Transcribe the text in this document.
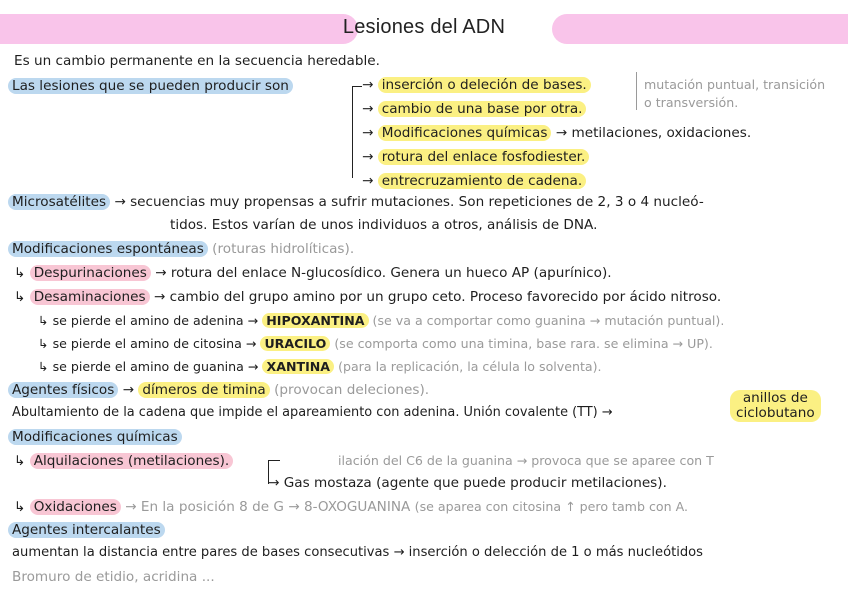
Lesiones del ADN
Es un cambio permanente en la secuencia heredable.
Las lesiones que se pueden producir son	→ inserción o deleción de bases.
→ cambio de una base por otra.
→ Modificaciones químicas → metilaciones, oxidaciones.
→ rotura del enlace fosfodiester.
→ entrecruzamiento de cadena.
mutación puntual, transición
o transversión.
Microsatélites → secuencias muy propensas a sufrir mutaciones. Son repeticiones de 2, 3 o 4 nucleó-
tidos. Estos varían de unos individuos a otros, análisis de DNA.
Modificaciones espontáneas (roturas hidrolíticas).
↳ Despurinaciones → rotura del enlace N-glucosídico. Genera un hueco AP (apurínico).
↳ Desaminaciones → cambio del grupo amino por un grupo ceto. Proceso favorecido por ácido nitroso.
↳ se pierde el amino de adenina → HIPOXANTINA (se va a comportar como guanina → mutación puntual).
↳ se pierde el amino de citosina → URACILO (se comporta como una timina, base rara. se elimina → UP).
↳ se pierde el amino de guanina → XANTINA (para la replicación, la célula lo solventa).
Agentes físicos → dímeros de timina (provocan deleciones).
Abultamiento de la cadena que impide el apareamiento con adenina. Unión covalente (TT) →
anillos de
ciclobutano
Modificaciones químicas
↳ Alquilaciones (metilaciones).	ilación del C6 de la guanina → provoca que se aparee con T
→ Gas mostaza (agente que puede producir metilaciones).
↳ Oxidaciones → En la posición 8 de G → 8-OXOGUANINA (se aparea con citosina ↑ pero tamb con A.
Agentes intercalantes
aumentan la distancia entre pares de bases consecutivas → inserción o delección de 1 o más nucleótidos
Bromuro de etidio, acridina ...
